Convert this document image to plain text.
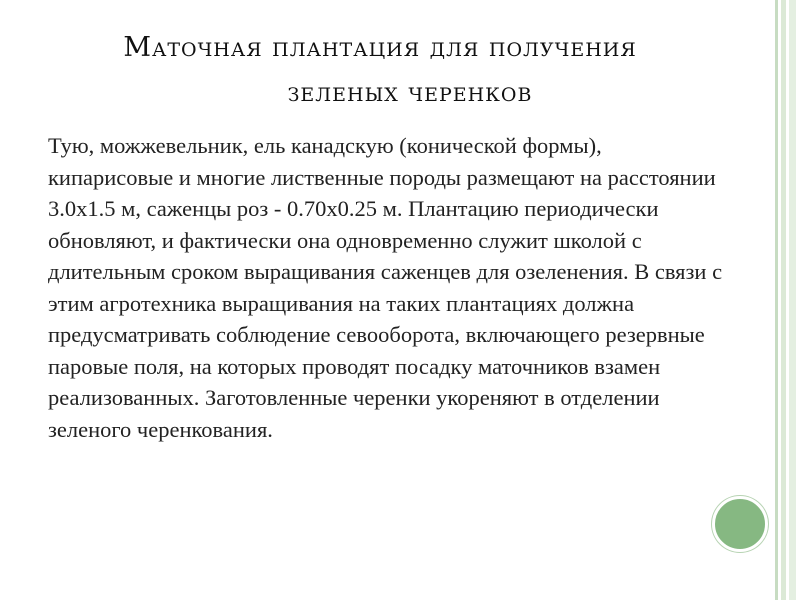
Маточная плантация для получения
зеленых черенков
Тую, можжевельник, ель канадскую (конической формы), кипарисовые и многие лиственные породы размещают на расстоянии 3.0х1.5 м, саженцы роз - 0.70х0.25 м. Плантацию периодически обновляют, и фактически она одновременно служит школой с длительным сроком выращивания саженцев для озеленения. В связи с этим агротехника выращивания на таких плантациях должна предусматривать соблюдение севооборота, включающего резервные паровые поля, на которых проводят посадку маточников взамен реализованных. Заготовленные черенки укореняют в отделении зеленого черенкования.
